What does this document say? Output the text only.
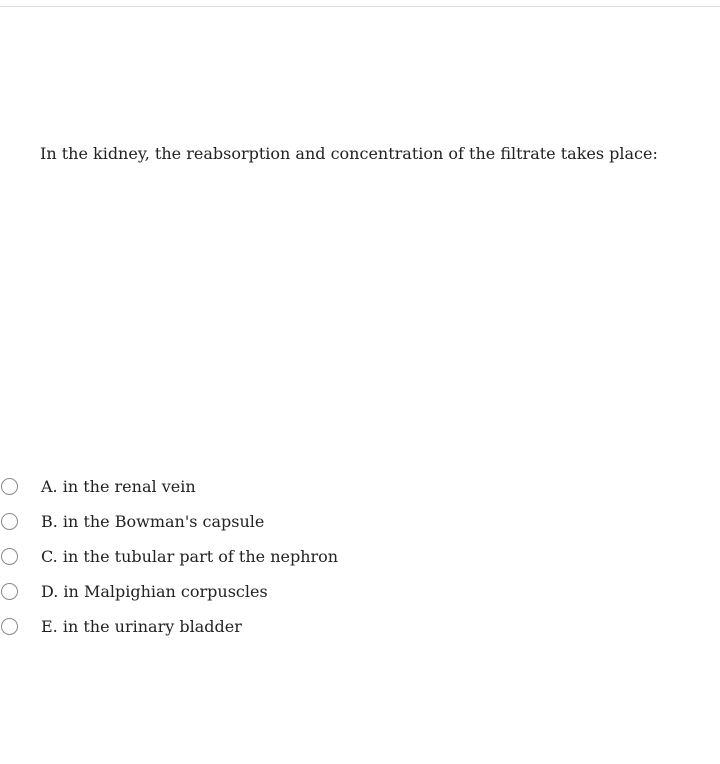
In the kidney, the reabsorption and concentration of the filtrate takes place:
A. in the renal vein
B. in the Bowman's capsule
C. in the tubular part of the nephron
D. in Malpighian corpuscles
E. in the urinary bladder
